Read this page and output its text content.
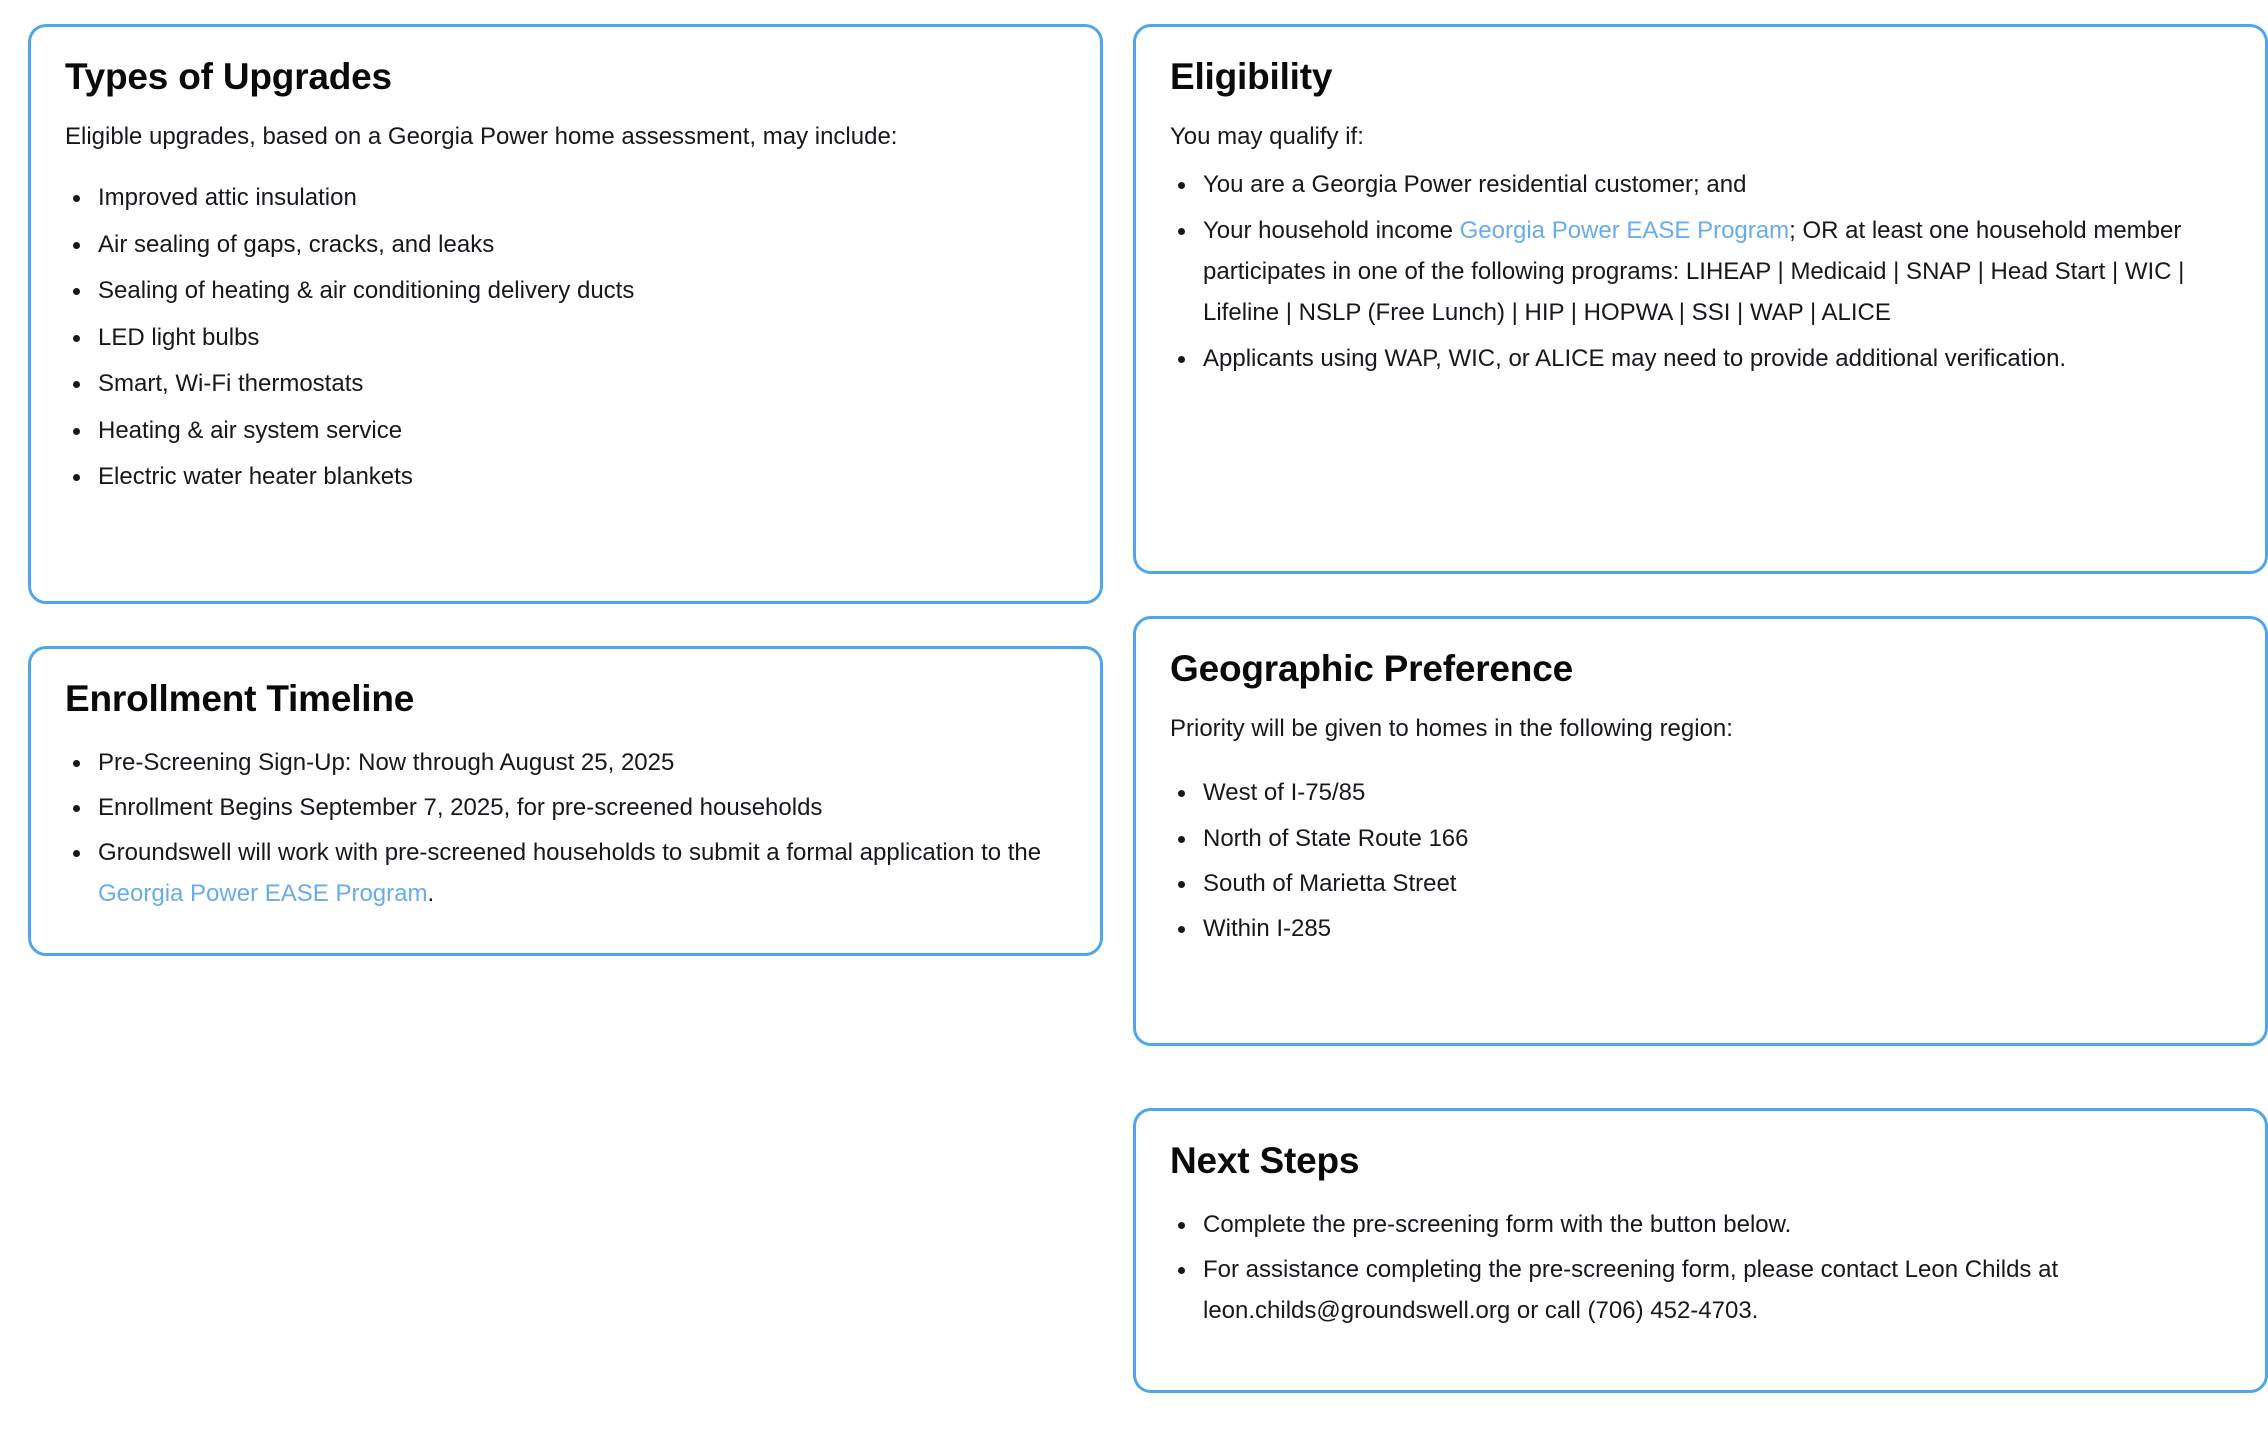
Types of Upgrades

Eligible upgrades, based on a Georgia Power home assessment, may include:

Improved attic insulation
Air sealing of gaps, cracks, and leaks
Sealing of heating & air conditioning delivery ducts
LED light bulbs
Smart, Wi-Fi thermostats
Heating & air system service
Electric water heater blankets
Enrollment Timeline
Pre-Screening Sign-Up: Now through August 25, 2025
Enrollment Begins September 7, 2025, for pre-screened households
Groundswell will work with pre-screened households to submit a formal application to the Georgia Power EASE Program.
Eligibility

You may qualify if:

You are a Georgia Power residential customer; and
Your household income Georgia Power EASE Program; OR at least one household member participates in one of the following programs: LIHEAP | Medicaid | SNAP | Head Start | WIC | Lifeline | NSLP (Free Lunch) | HIP | HOPWA | SSI | WAP | ALICE
Applicants using WAP, WIC, or ALICE may need to provide additional verification.
Geographic Preference

Priority will be given to homes in the following region:

West of I-75/85
North of State Route 166
South of Marietta Street
Within I-285
Next Steps
Complete the pre-screening form with the button below.
For assistance completing the pre-screening form, please contact Leon Childs at leon.childs@groundswell.org or call (706) 452-4703.
